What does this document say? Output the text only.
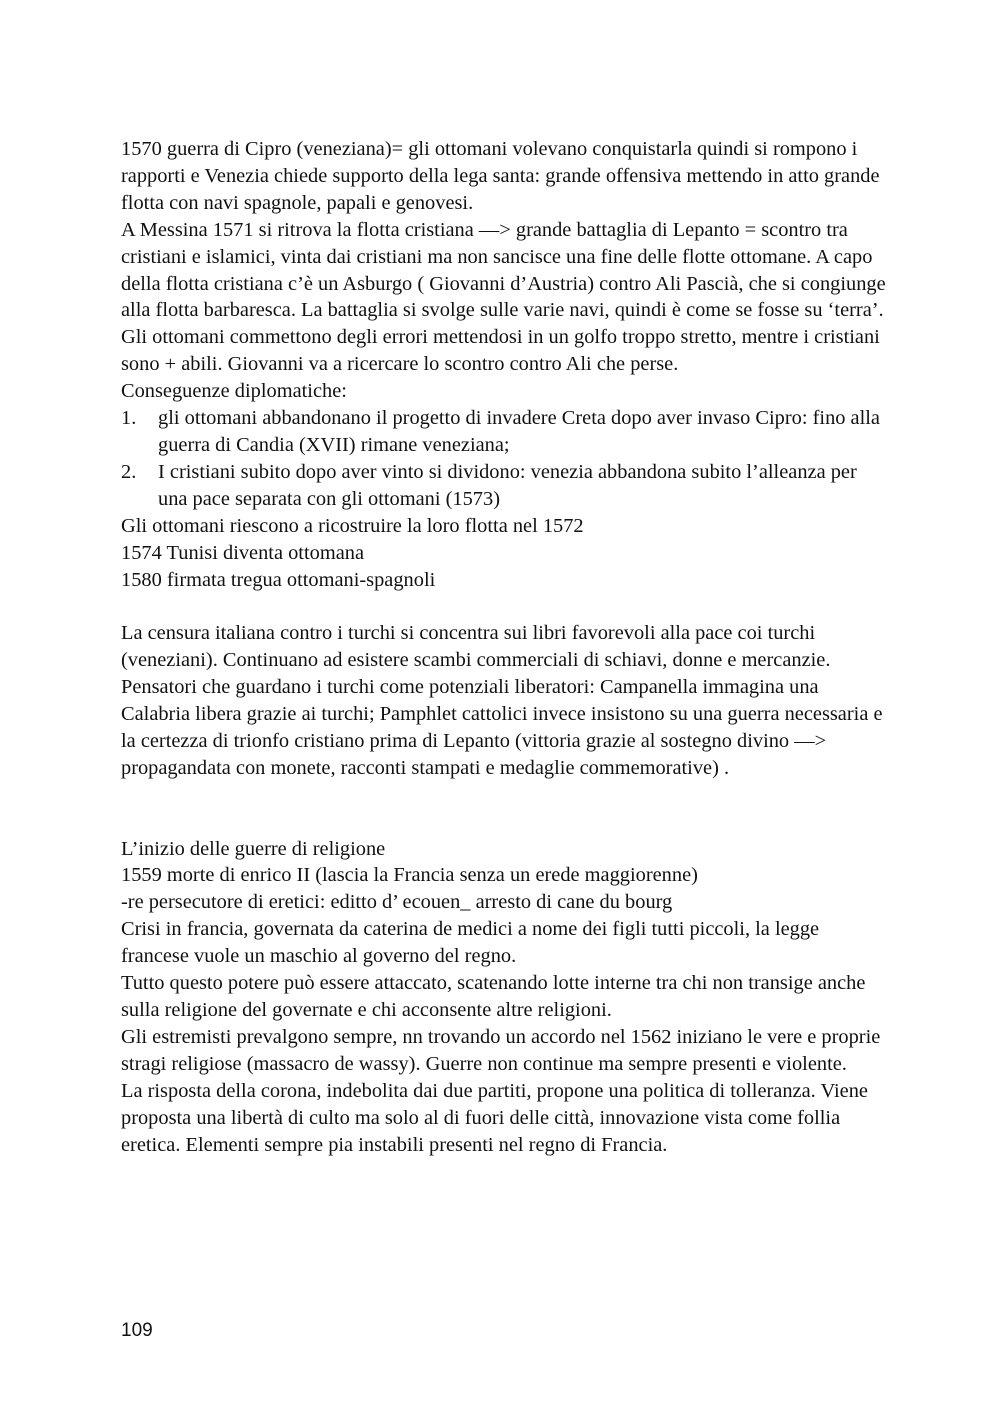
1570 guerra di Cipro (veneziana)= gli ottomani volevano conquistarla quindi si rompono i rapporti e Venezia chiede supporto della lega santa: grande offensiva mettendo in atto grande flotta con navi spagnole, papali e genovesi.

A Messina 1571 si ritrova la flotta cristiana —> grande battaglia di Lepanto = scontro tra cristiani e islamici, vinta dai cristiani ma non sancisce una fine delle flotte ottomane. A capo della flotta cristiana c’è un Asburgo ( Giovanni d’Austria) contro Ali Pascià, che si congiunge alla flotta barbaresca. La battaglia si svolge sulle varie navi, quindi è come se fosse su ‘terra’. Gli ottomani commettono degli errori mettendosi in un golfo troppo stretto, mentre i cristiani sono + abili. Giovanni va a ricercare lo scontro contro Ali che perse.

Conseguenze diplomatiche:

1. gli ottomani abbandonano il progetto di invadere Creta dopo aver invaso Cipro: fino alla guerra di Candia (XVII) rimane veneziana;
2. I cristiani subito dopo aver vinto si dividono: venezia abbandona subito l’alleanza per una pace separata con gli ottomani (1573)

Gli ottomani riescono a ricostruire la loro flotta nel 1572

1574 Tunisi diventa ottomana

1580 firmata tregua ottomani-spagnoli

La censura italiana contro i turchi si concentra sui libri favorevoli alla pace coi turchi (veneziani). Continuano ad esistere scambi commerciali di schiavi, donne e mercanzie. Pensatori che guardano i turchi come potenziali liberatori: Campanella immagina una Calabria libera grazie ai turchi; Pamphlet cattolici invece insistono su una guerra necessaria e la certezza di trionfo cristiano prima di Lepanto (vittoria grazie al sostegno divino —> propagandata con monete, racconti stampati e medaglie commemorative) .

L’inizio delle guerre di religione

1559 morte di enrico II (lascia la Francia senza un erede maggiorenne)

-re persecutore di eretici: editto d’ ecouen_ arresto di cane du bourg

Crisi in francia, governata da caterina de medici a nome dei figli tutti piccoli, la legge francese vuole un maschio al governo del regno.

Tutto questo potere può essere attaccato, scatenando lotte interne tra chi non transige anche sulla religione del governate e chi acconsente altre religioni.

Gli estremisti prevalgono sempre, nn trovando un accordo nel 1562 iniziano le vere e proprie stragi religiose (massacro de wassy). Guerre non continue ma sempre presenti e violente.

La risposta della corona, indebolita dai due partiti, propone una politica di tolleranza. Viene proposta una libertà di culto ma solo al di fuori delle città, innovazione vista come follia eretica. Elementi sempre pia instabili presenti nel regno di Francia.

109
